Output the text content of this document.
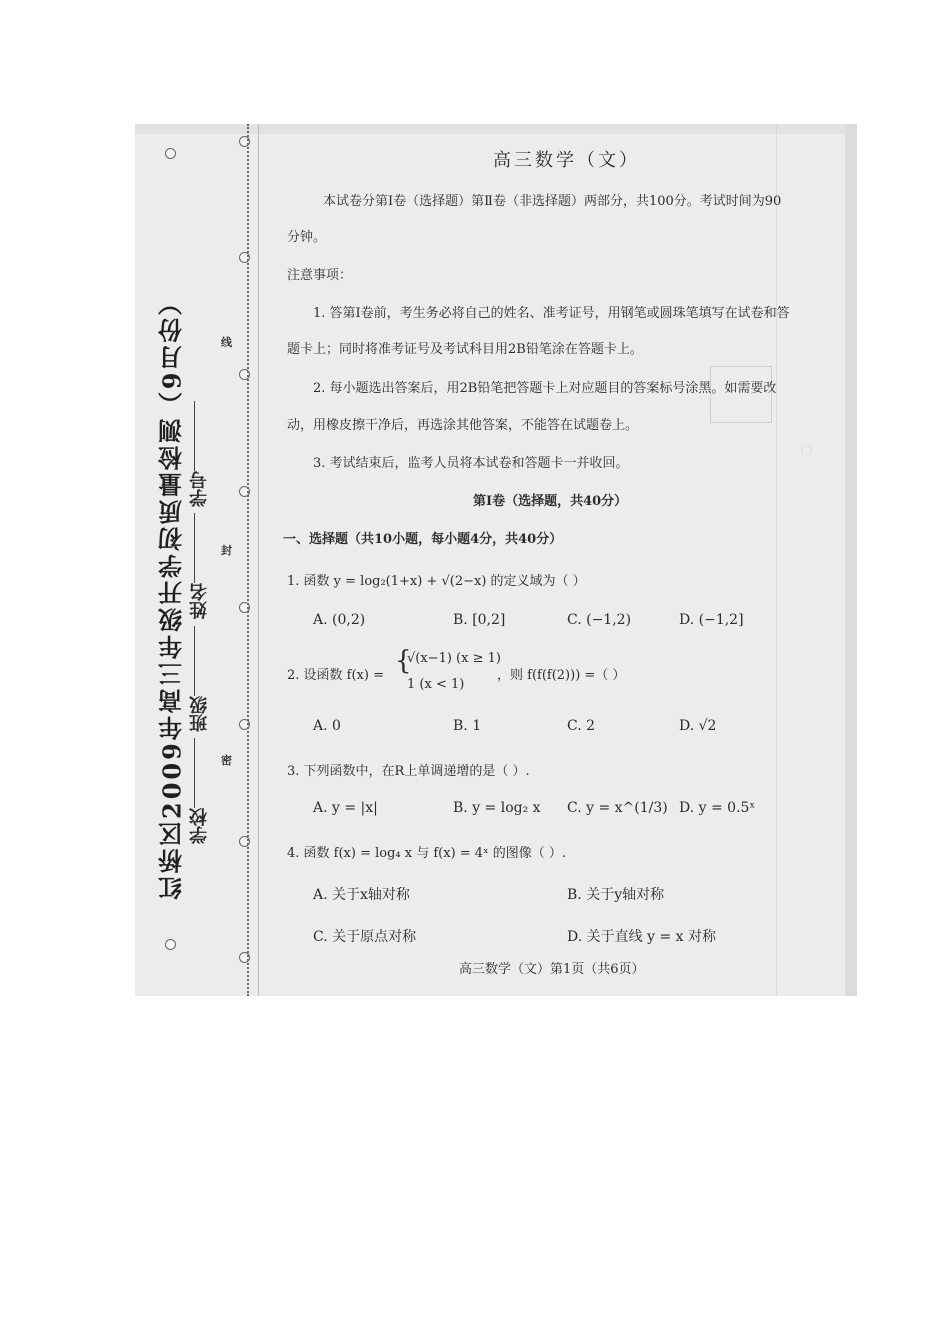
红桥区2009年高三年级开学初质量检测（9月份） 学校 班级 姓名 学号
线
封
密
（ ）
高三数学（文）
本试卷分第Ⅰ卷（选择题）第Ⅱ卷（非选择题）两部分，共100分。考试时间为90
分钟。
注意事项：
1. 答第Ⅰ卷前，考生务必将自己的姓名、准考证号，用钢笔或圆珠笔填写在试卷和答
题卡上；同时将准考证号及考试科目用2B铅笔涂在答题卡上。
2. 每小题选出答案后，用2B铅笔把答题卡上对应题目的答案标号涂黑。如需要改
动，用橡皮擦干净后，再选涂其他答案，不能答在试题卷上。
3. 考试结束后，监考人员将本试卷和答题卡一并收回。
第Ⅰ卷（选择题，共40分）
一、选择题（共10小题，每小题4分，共40分）
1. 函数 y = log₂(1+x) + √(2−x) 的定义域为（ ）
A. (0,2)	B. [0,2]	C. (−1,2)	D. (−1,2]
2. 设函数 f(x) = {
√(x−1) (x ≥ 1)
1 (x < 1)
，则 f(f(f(2))) =（ ）
A. 0	B. 1	C. 2	D. √2
3. 下列函数中，在R上单调递增的是（ ）.
A. y = |x|	B. y = log₂ x C. y = x^(1/3) D. y = 0.5ˣ
4. 函数 f(x) = log₄ x 与 f(x) = 4ˣ 的图像（ ）.
A. 关于x轴对称	B. 关于y轴对称
C. 关于原点对称	D. 关于直线 y = x 对称
高三数学（文）第1页（共6页）
